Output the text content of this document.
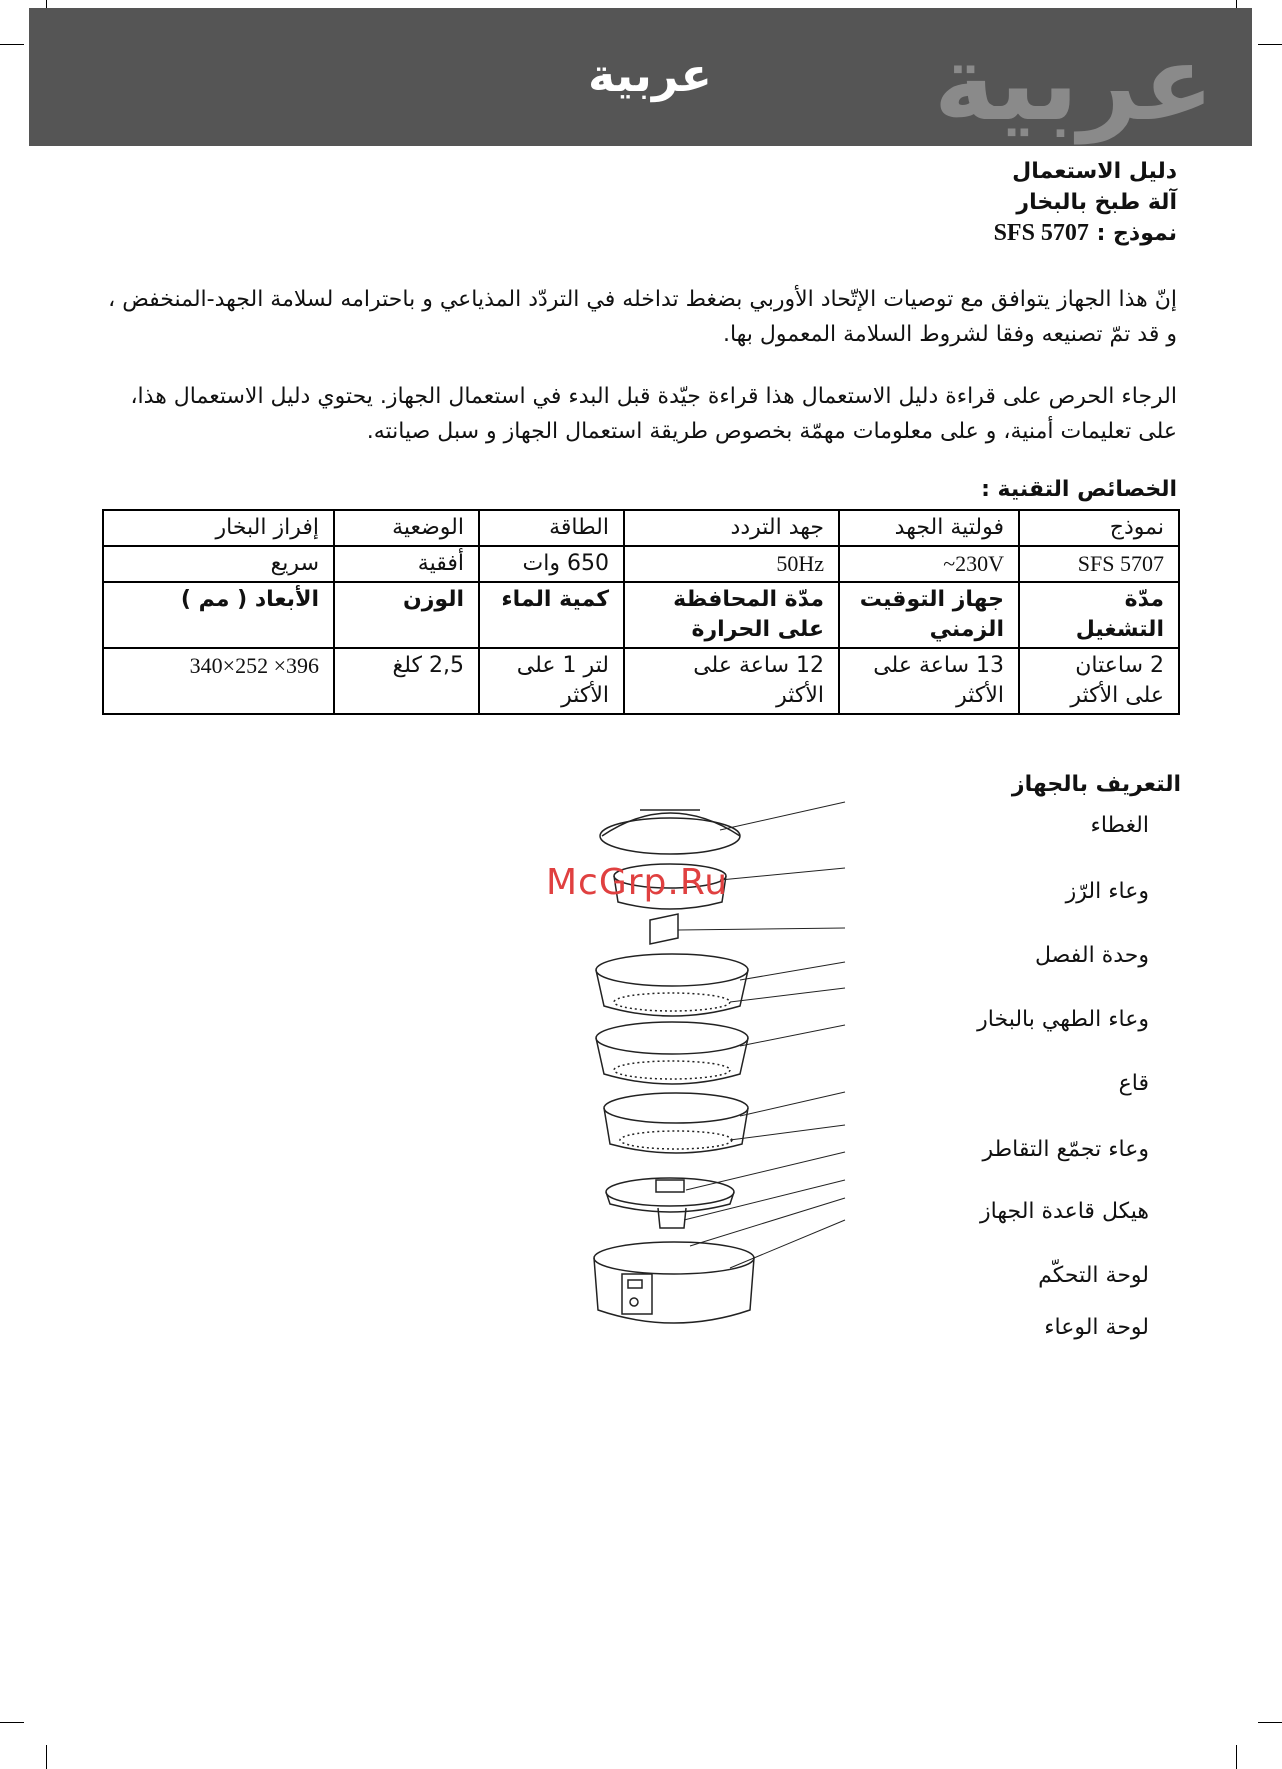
عربية	عربية
دليل الاستعمال
آلة طبخ بالبخار
نموذج : SFS 5707
إنّ هذا الجهاز يتوافق مع توصيات الإتّحاد الأوربي بضغط تداخله في التردّد المذياعي و باحترامه لسلامة الجهد-المنخفض ، و قد تمّ تصنيعه وفقا لشروط السلامة المعمول بها.
الرجاء الحرص على قراءة دليل الاستعمال هذا قراءة جيّدة قبل البدء في استعمال الجهاز. يحتوي دليل الاستعمال هذا، على تعليمات أمنية، و على معلومات مهمّة بخصوص طريقة استعمال الجهاز و سبل صيانته.
الخصائص التقنية :
نموذج	فولتية الجهد	جهد التردد	الطاقة	الوضعية	إفراز البخار
SFS 5707	230V~	50Hz	650 وات	أفقية	سريع
مدّة التشغيل	جهاز التوقيت الزمني	مدّة المحافظة على الحرارة	كمية الماء	الوزن	الأبعاد ( مم )
2 ساعتان على الأكثر	13 ساعة على الأكثر	12 ساعة على الأكثر	لتر 1 على الأكثر	2,5 كلغ	396× 252×340
التعريف بالجهاز
الغطاء
وعاء الرّز
وحدة الفصل
وعاء الطهي بالبخار
قاع
وعاء تجمّع التقاطر
هيكل قاعدة الجهاز
لوحة التحكّم
لوحة الوعاء
McGrp.Ru
